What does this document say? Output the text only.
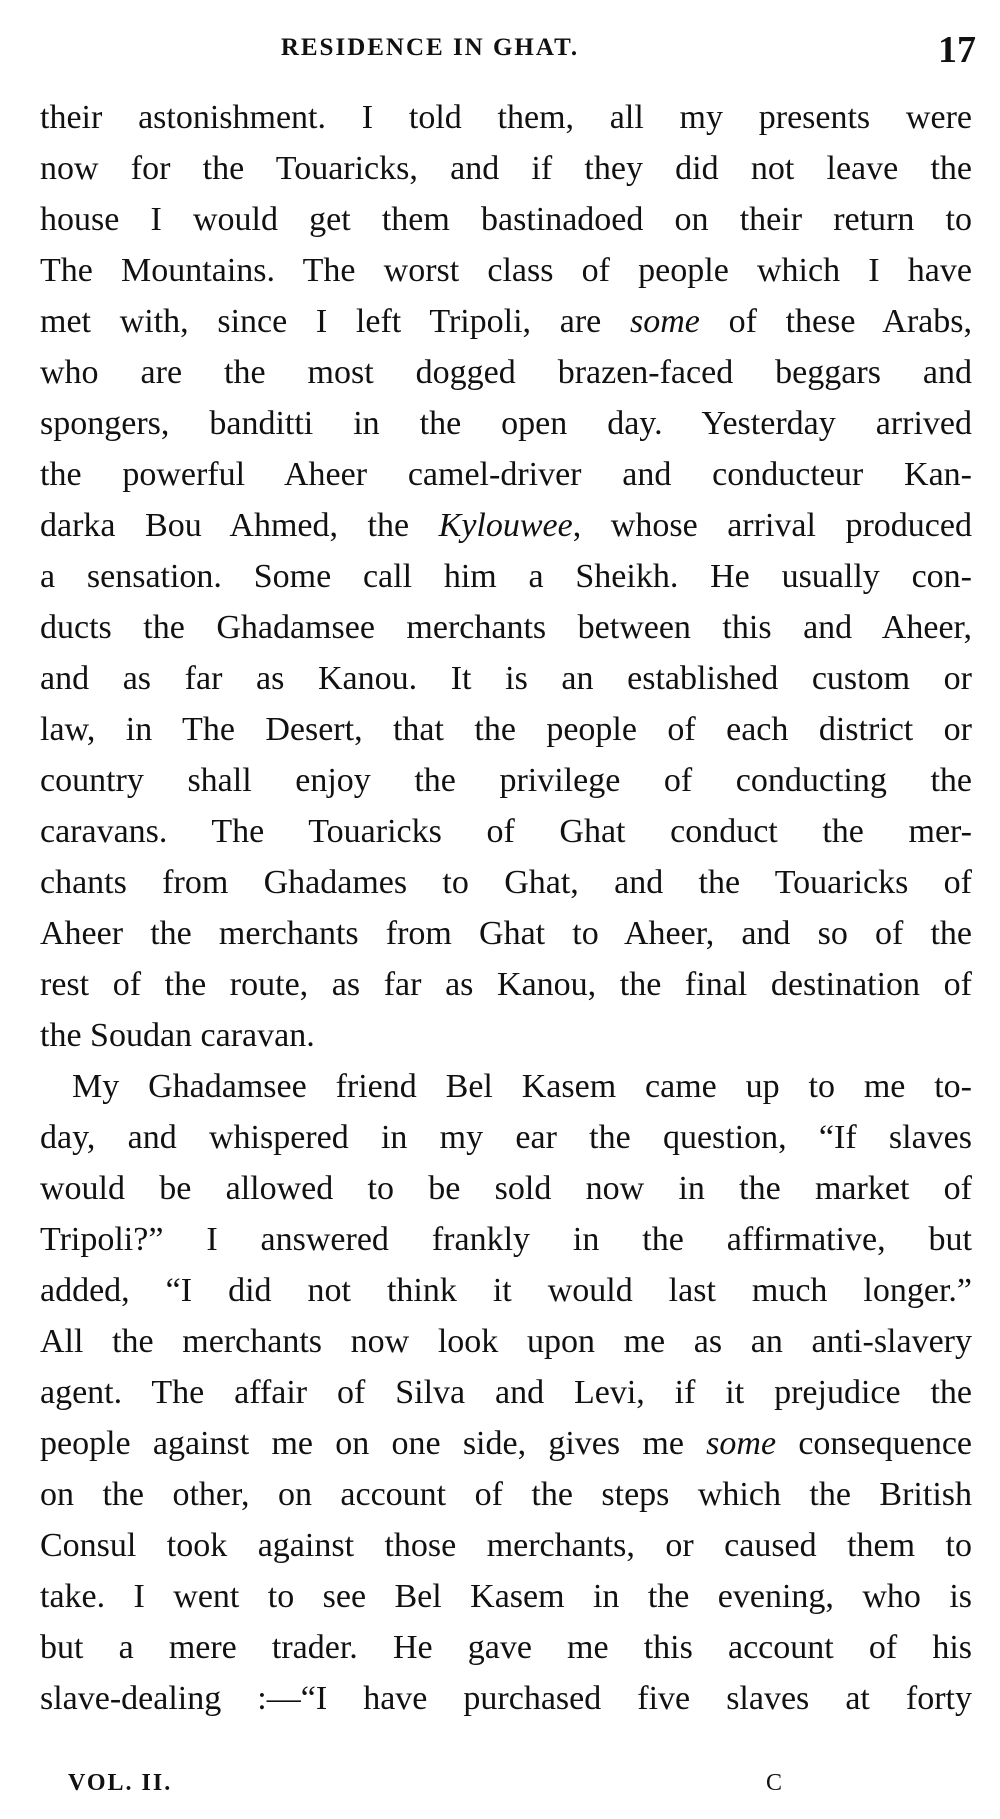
RESIDENCE IN GHAT.	17
their astonishment. I told them, all my presents were
now for the Touaricks, and if they did not leave the
house I would get them bastinadoed on their return to
The Mountains. The worst class of people which I have
met with, since I left Tripoli, are some of these Arabs,
who are the most dogged brazen-faced beggars and
spongers, banditti in the open day. Yesterday arrived
the powerful Aheer camel-driver and conducteur Kan-
darka Bou Ahmed, the Kylouwee, whose arrival produced
a sensation. Some call him a Sheikh. He usually con-
ducts the Ghadamsee merchants between this and Aheer,
and as far as Kanou. It is an established custom or
law, in The Desert, that the people of each district or
country shall enjoy the privilege of conducting the
caravans. The Touaricks of Ghat conduct the mer-
chants from Ghadames to Ghat, and the Touaricks of
Aheer the merchants from Ghat to Aheer, and so of the
rest of the route, as far as Kanou, the final destination of
the Soudan caravan.
My Ghadamsee friend Bel Kasem came up to me to-
day, and whispered in my ear the question, “If slaves
would be allowed to be sold now in the market of
Tripoli?” I answered frankly in the affirmative, but
added, “I did not think it would last much longer.”
All the merchants now look upon me as an anti-slavery
agent. The affair of Silva and Levi, if it prejudice the
people against me on one side, gives me some consequence
on the other, on account of the steps which the British
Consul took against those merchants, or caused them to
take. I went to see Bel Kasem in the evening, who is
but a mere trader. He gave me this account of his
slave-dealing :—“I have purchased five slaves at forty
VOL. II.	C
